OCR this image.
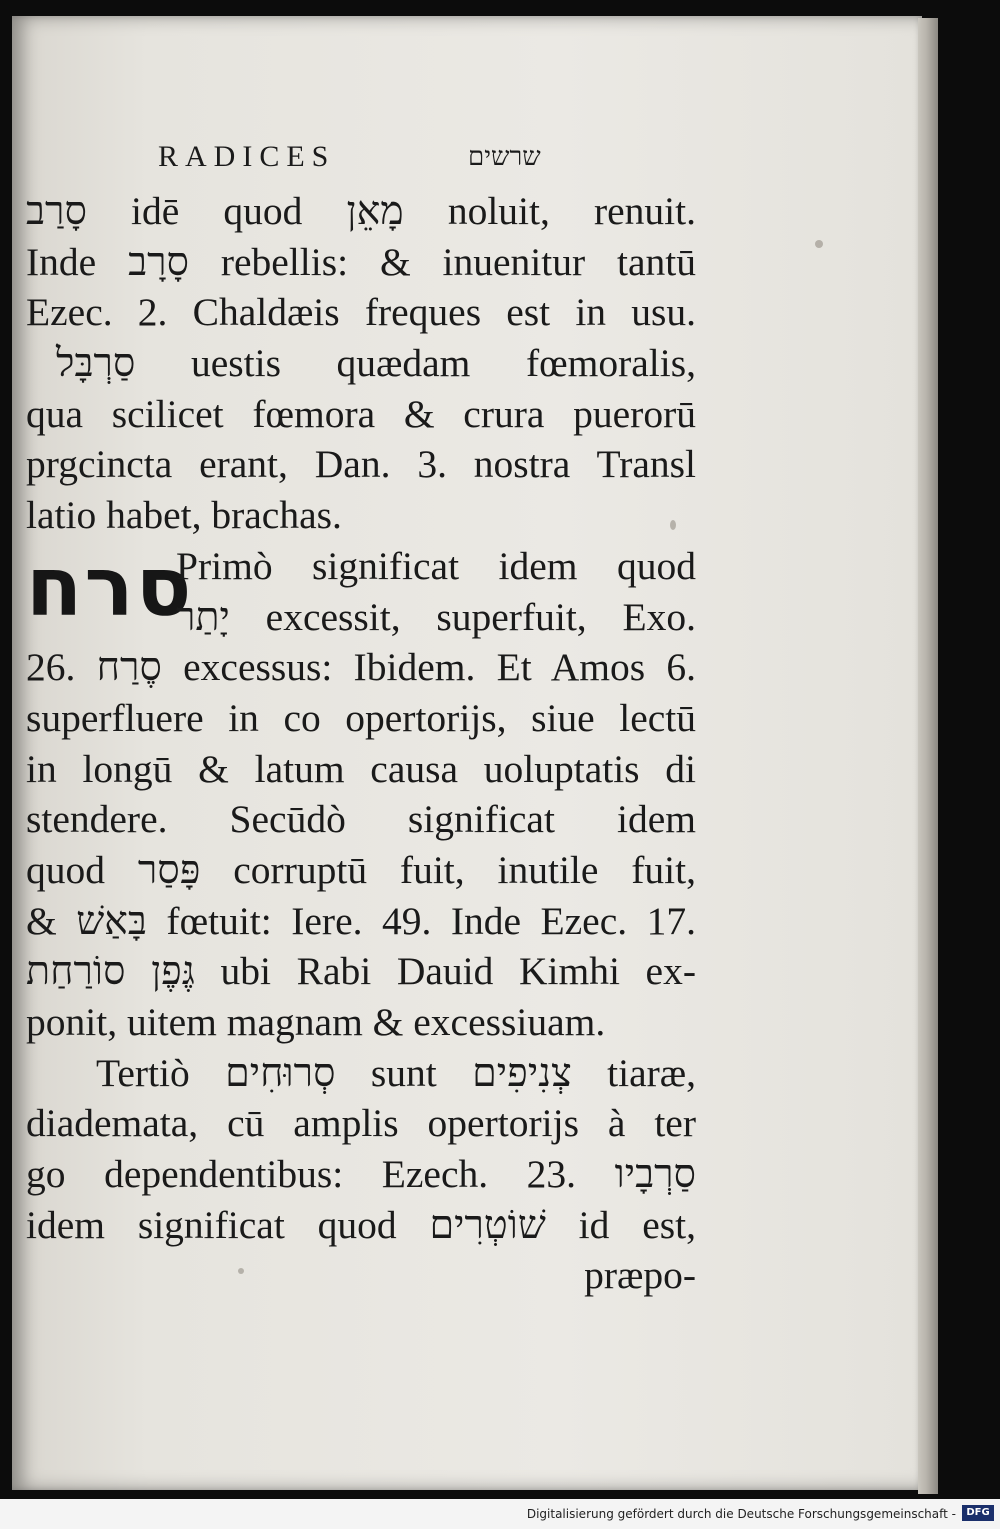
RADICES	שרשים
סרח
סָרַב idē quod מָאֵן noluit, renuit.
Inde סָרָב rebellis: & inuenitur tantū
Ezec. 2. Chaldæis freques est in usu.
סַרְבָּל uestis quædam fœmoralis,
qua scilicet fœmora & crura puerorū
prgcincta erant, Dan. 3. nostra Transl
latio habet, brachas.
Primò significat idem quod
יָתַר excessit, superfuit, Exo.
26. סֶרַח excessus: Ibidem. Et Amos 6.
superfluere in co opertorijs, siue lectū
in longū & latum causa uoluptatis di
stendere. Secūdò significat idem
quod פָּסַר corruptū fuit, inutile fuit,
& בָּאַשׁ fœtuit: Iere. 49. Inde Ezec. 17.
גֶּפֶן סוֹרַחַת ubi Rabi Dauid Kimhi ex-
ponit, uitem magnam & excessiuam.
Tertiò סְרוּחִים sunt צְנִיפִים tiaræ,
diademata, cū amplis opertorijs à ter
go dependentibus: Ezech. 23. סַרְבָיו
idem significat quod שׁוֹטְרִים id est,
præpo-
Digitalisierung gefördert durch die Deutsche Forschungsgemeinschaft -	DFG
